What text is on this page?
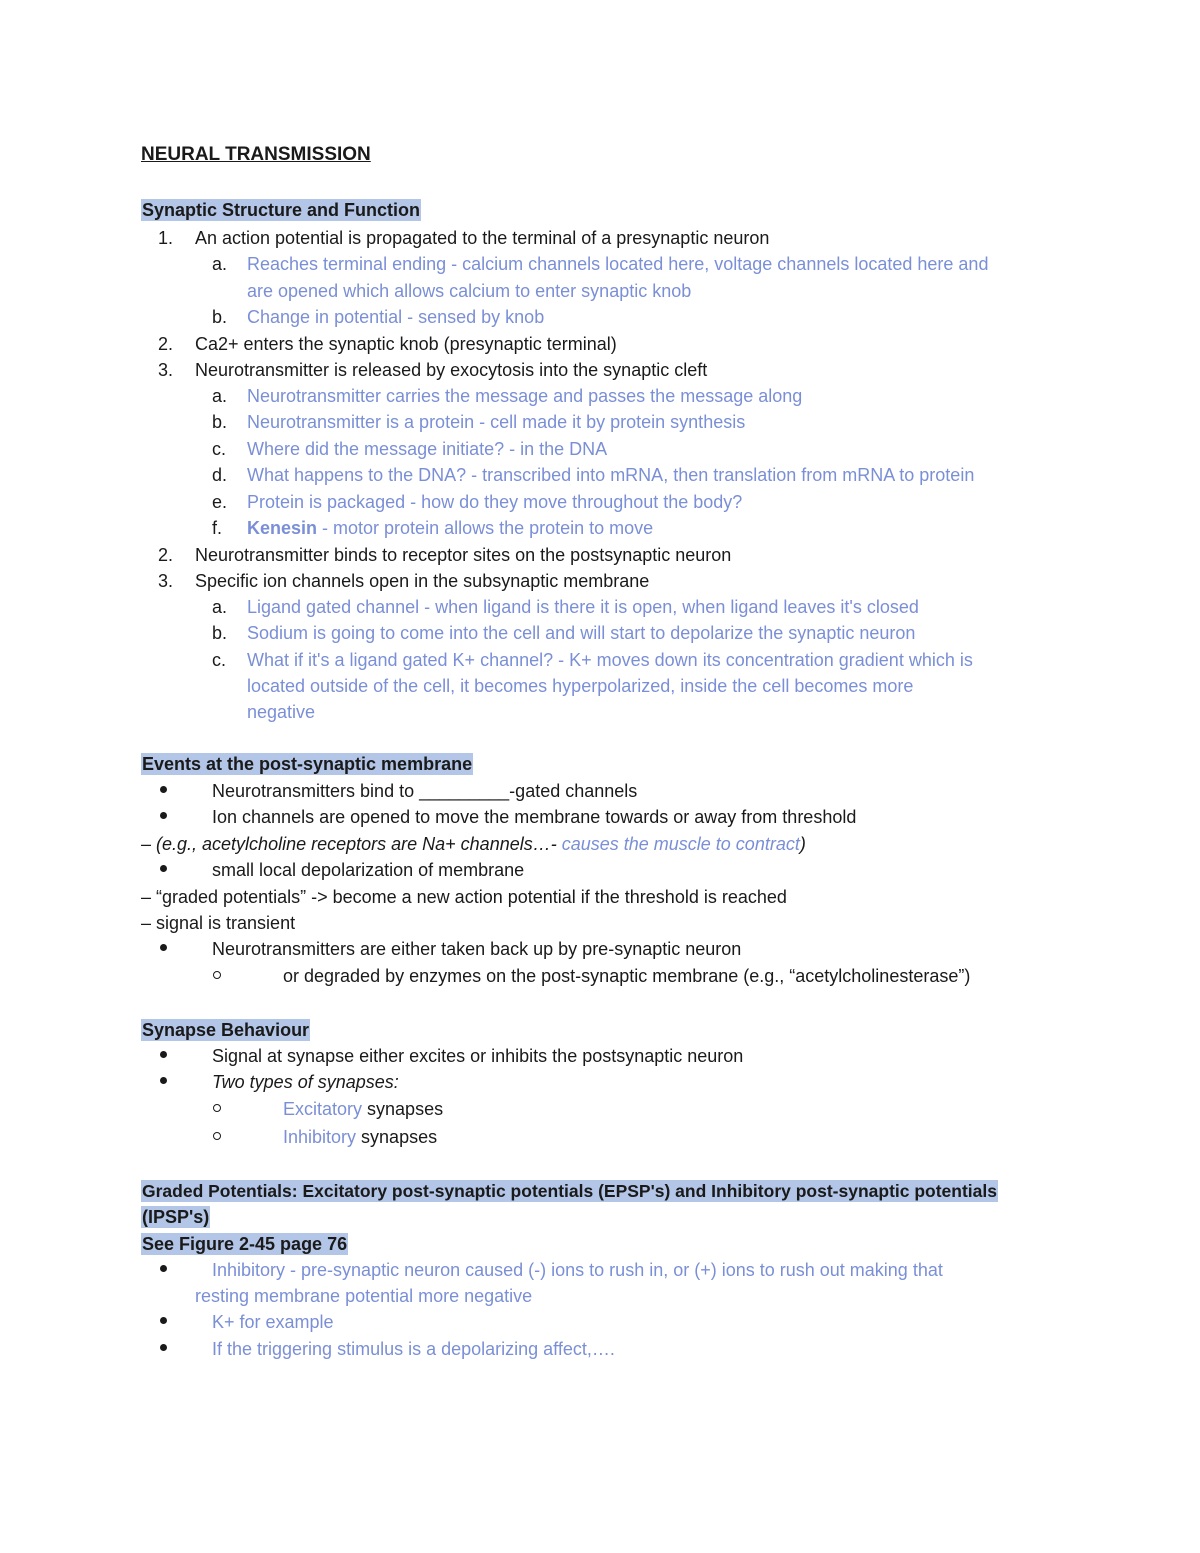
NEURAL TRANSMISSION
Synaptic Structure and Function
1. An action potential is propagated to the terminal of a presynaptic neuron
a. Reaches terminal ending - calcium channels located here, voltage channels located here and
are opened which allows calcium to enter synaptic knob
b. Change in potential - sensed by knob
2. Ca2+ enters the synaptic knob (presynaptic terminal)
3. Neurotransmitter is released by exocytosis into the synaptic cleft
a. Neurotransmitter carries the message and passes the message along
b. Neurotransmitter is a protein - cell made it by protein synthesis
c. Where did the message initiate? - in the DNA
d. What happens to the DNA? - transcribed into mRNA, then translation from mRNA to protein
e. Protein is packaged - how do they move throughout the body?
f. Kenesin - motor protein allows the protein to move
2. Neurotransmitter binds to receptor sites on the postsynaptic neuron
3. Specific ion channels open in the subsynaptic membrane
a. Ligand gated channel - when ligand is there it is open, when ligand leaves it's closed
b. Sodium is going to come into the cell and will start to depolarize the synaptic neuron
c. What if it's a ligand gated K+ channel? - K+ moves down its concentration gradient which is
located outside of the cell, it becomes hyperpolarized, inside the cell becomes more
negative
Events at the post-synaptic membrane
Neurotransmitters bind to _________-gated channels
Ion channels are opened to move the membrane towards or away from threshold
– (e.g., acetylcholine receptors are Na+ channels…- causes the muscle to contract)
small local depolarization of membrane
– “graded potentials” -> become a new action potential if the threshold is reached
– signal is transient
Neurotransmitters are either taken back up by pre-synaptic neuron
or degraded by enzymes on the post-synaptic membrane (e.g., “acetylcholinesterase”)
Synapse Behaviour
Signal at synapse either excites or inhibits the postsynaptic neuron
Two types of synapses:
Excitatory synapses
Inhibitory synapses
Graded Potentials: Excitatory post-synaptic potentials (EPSP's) and Inhibitory post-synaptic potentials
(IPSP's)
See Figure 2-45 page 76
Inhibitory - pre-synaptic neuron caused (-) ions to rush in, or (+) ions to rush out making that
resting membrane potential more negative
K+ for example
If the triggering stimulus is a depolarizing affect,….
